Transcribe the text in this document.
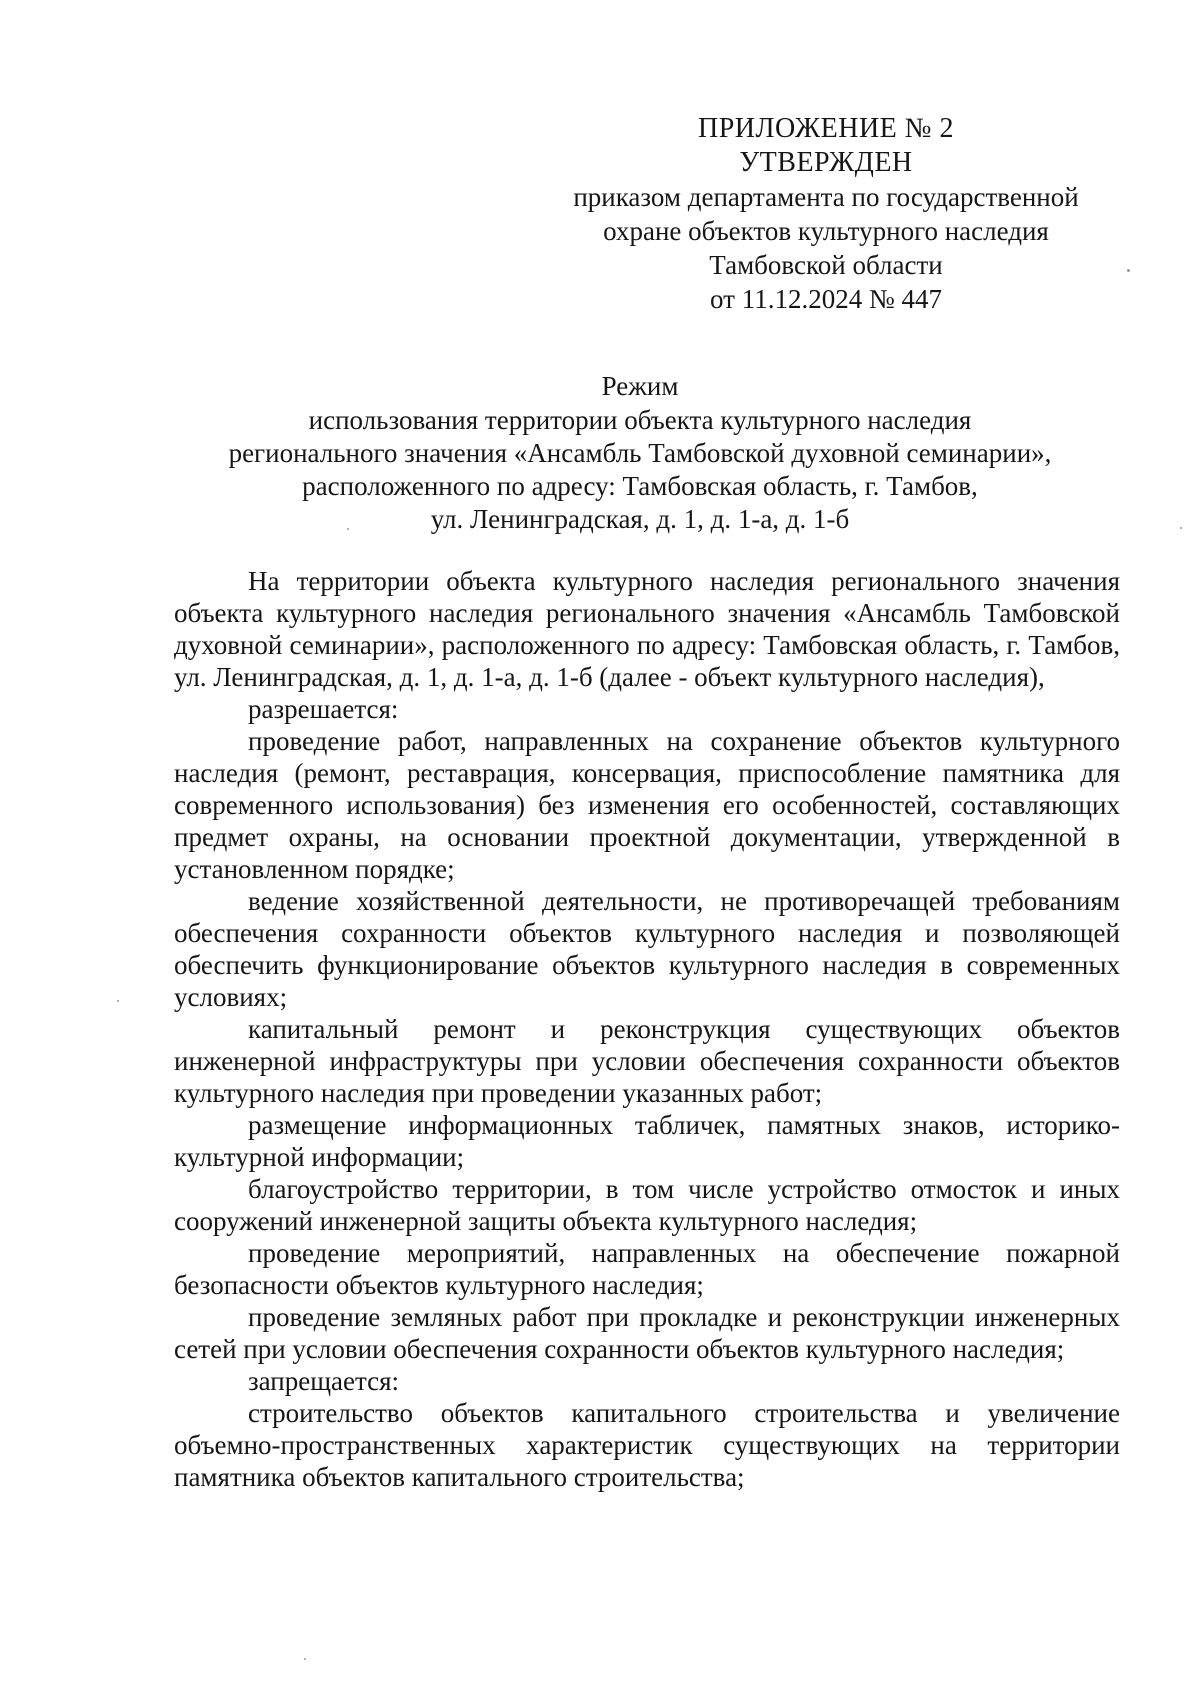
ПРИЛОЖЕНИЕ № 2
УТВЕРЖДЕН
приказом департамента по государственной
охране объектов культурного наследия
Тамбовской области
от 11.12.2024 № 447
Режим
использования территории объекта культурного наследия
регионального значения «Ансамбль Тамбовской духовной семинарии»,
расположенного по адресу: Тамбовская область, г. Тамбов,
ул. Ленинградская, д. 1, д. 1-а, д. 1-б

На территории объекта культурного наследия регионального значения объекта культурного наследия регионального значения «Ансамбль Тамбовской духовной семинарии», расположенного по адресу: Тамбовская область, г. Тамбов, ул. Ленинградская, д. 1, д. 1-а, д. 1-б (далее - объект культурного наследия),

разрешается:

проведение работ, направленных на сохранение объектов культурного наследия (ремонт, реставрация, консервация, приспособление памятника для современного использования) без изменения его особенностей, составляющих предмет охраны, на основании проектной документации, утвержденной в установленном порядке;

ведение хозяйственной деятельности, не противоречащей требованиям обеспечения сохранности объектов культурного наследия и позволяющей обеспечить функционирование объектов культурного наследия в современных условиях;

капитальный ремонт и реконструкция существующих объектов инженерной инфраструктуры при условии обеспечения сохранности объектов культурного наследия при проведении указанных работ;

размещение информационных табличек, памятных знаков, историко-культурной информации;

благоустройство территории, в том числе устройство отмосток и иных сооружений инженерной защиты объекта культурного наследия;

проведение мероприятий, направленных на обеспечение пожарной безопасности объектов культурного наследия;

проведение земляных работ при прокладке и реконструкции инженерных сетей при условии обеспечения сохранности объектов культурного наследия;

запрещается:

строительство объектов капитального строительства и увеличение объемно-пространственных характеристик существующих на территории памятника объектов капитального строительства;
